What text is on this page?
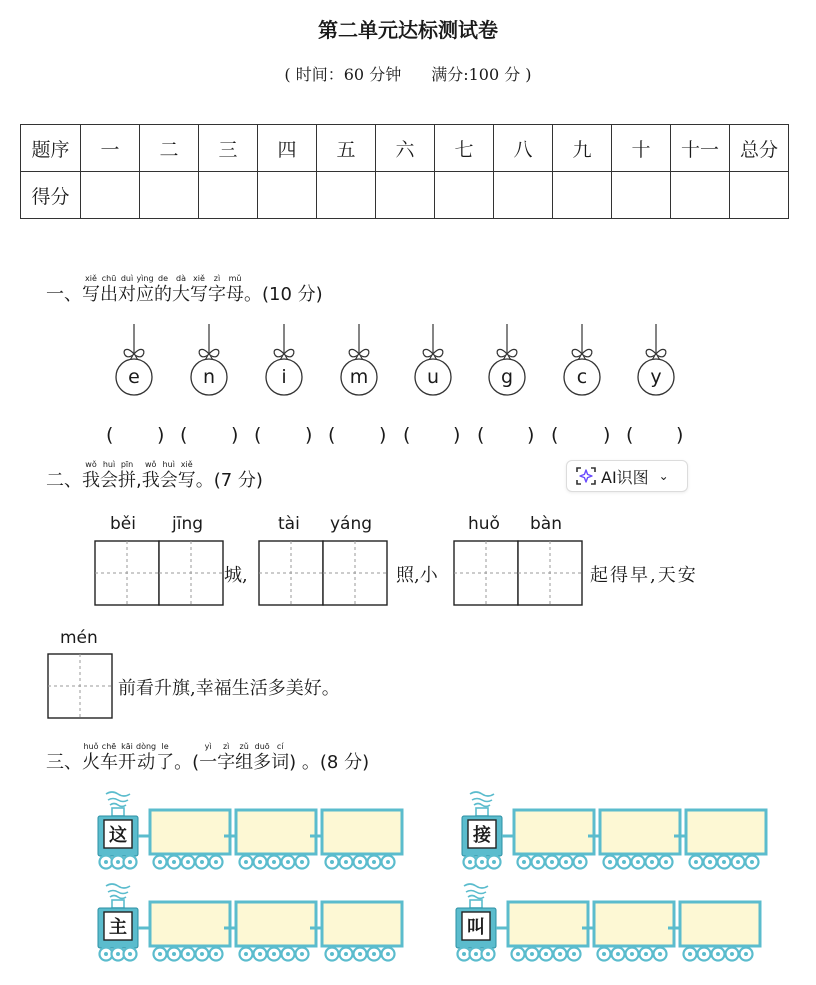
第二单元达标测试卷
( 时间：60 分钟 满分:100 分 )
题序	一	二	三	四	五	六	七	八	九	十	十一	总分
得分												
一、
xiě
写
chū
出
duì
对
yìng
应
de
的
dà
大
xiě
写
zì
字
mǔ
母 。(10 分)
e	n	i	m	u	g	c	y
( ) ( ) ( ) ( ) ( ) ( ) ( ) ( )
二、
wǒ
我
huì
会
pīn
拼 ,
wǒ
我
huì
会
xiě
写 。(7 分)	AI识图 ⌄
běi jīng	tài yáng	huǒ bàn
mén
城,	照,小	起得早,天安
前看升旗,幸福生活多美好。
三、
huǒ
火
chē
车
kāi
开
dòng
动
le
了 。(
yì
一
zì
字
zǔ
组
duō
多
cí
词 ) 。(8 分)
这	接
主	叫
